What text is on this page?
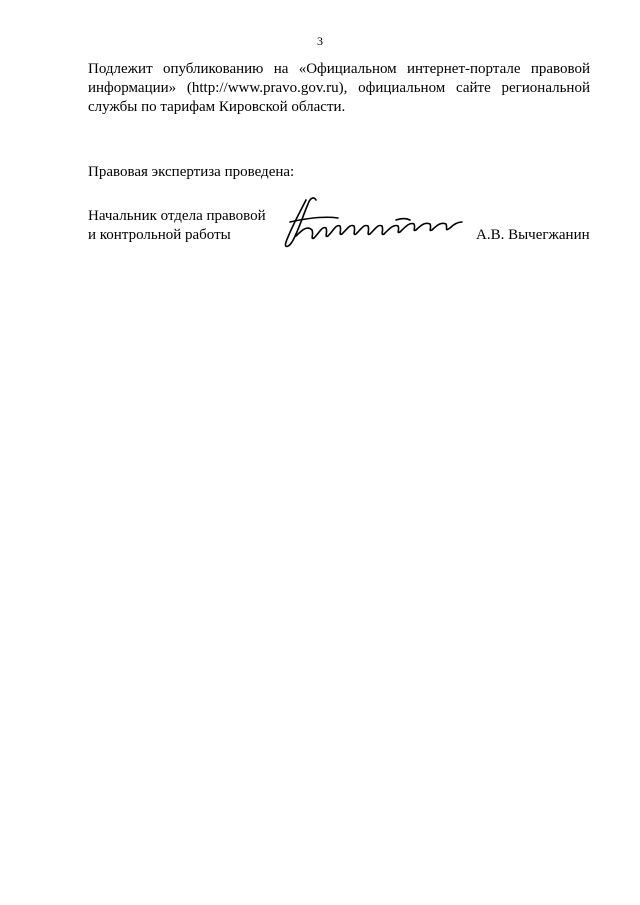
3

Подлежит опубликованию на «Официальном интернет-портале правовой информации» (http://www.pravo.gov.ru), официальном сайте региональной службы по тарифам Кировской области.

Правовая экспертиза проведена:

Начальник отдела правовой
и контрольной работы	А.В. Вычегжанин
